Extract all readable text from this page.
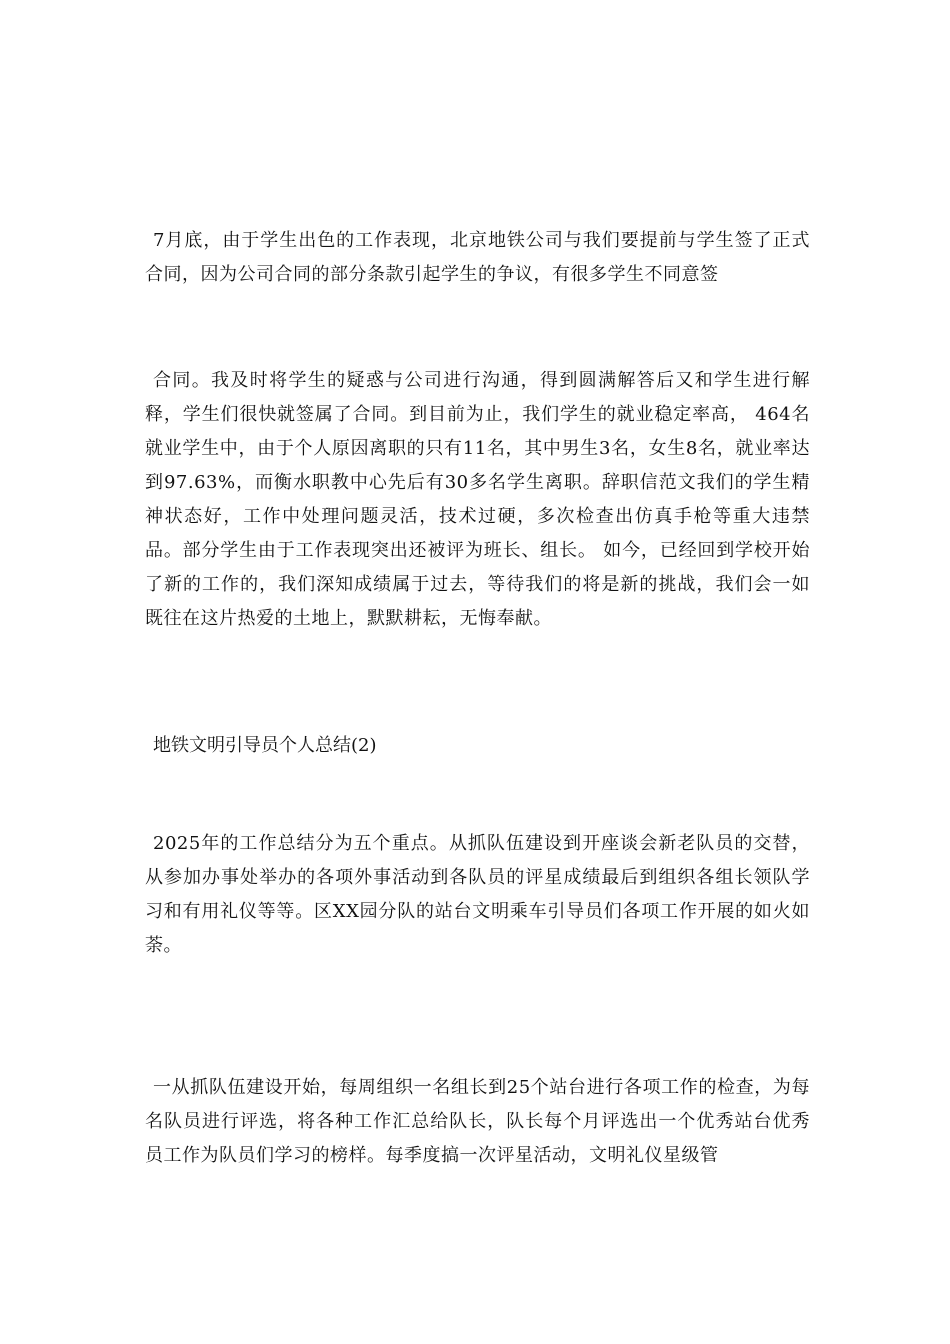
7月底，由于学生出色的工作表现，北京地铁公司与我们要提前与学生签了正式合同，因为公司合同的部分条款引起学生的争议，有很多学生不同意签

合同。我及时将学生的疑惑与公司进行沟通，得到圆满解答后又和学生进行解释，学生们很快就签属了合同。到目前为止，我们学生的就业稳定率高， 464名就业学生中，由于个人原因离职的只有11名，其中男生3名，女生8名，就业率达到97.63%，而衡水职教中心先后有30多名学生离职。辞职信范文我们的学生精神状态好，工作中处理问题灵活，技术过硬，多次检查出仿真手枪等重大违禁品。部分学生由于工作表现突出还被评为班长、组长。 如今，已经回到学校开始了新的工作的，我们深知成绩属于过去，等待我们的将是新的挑战，我们会一如既往在这片热爱的土地上，默默耕耘，无悔奉献。

地铁文明引导员个人总结(2)

2025年的工作总结分为五个重点。从抓队伍建设到开座谈会新老队员的交替，从参加办事处举办的各项外事活动到各队员的评星成绩最后到组织各组长领队学习和有用礼仪等等。区XX园分队的站台文明乘车引导员们各项工作开展的如火如荼。

一从抓队伍建设开始，每周组织一名组长到25个站台进行各项工作的检查，为每名队员进行评选，将各种工作汇总给队长，队长每个月评选出一个优秀站台优秀员工作为队员们学习的榜样。每季度搞一次评星活动，文明礼仪星级管
